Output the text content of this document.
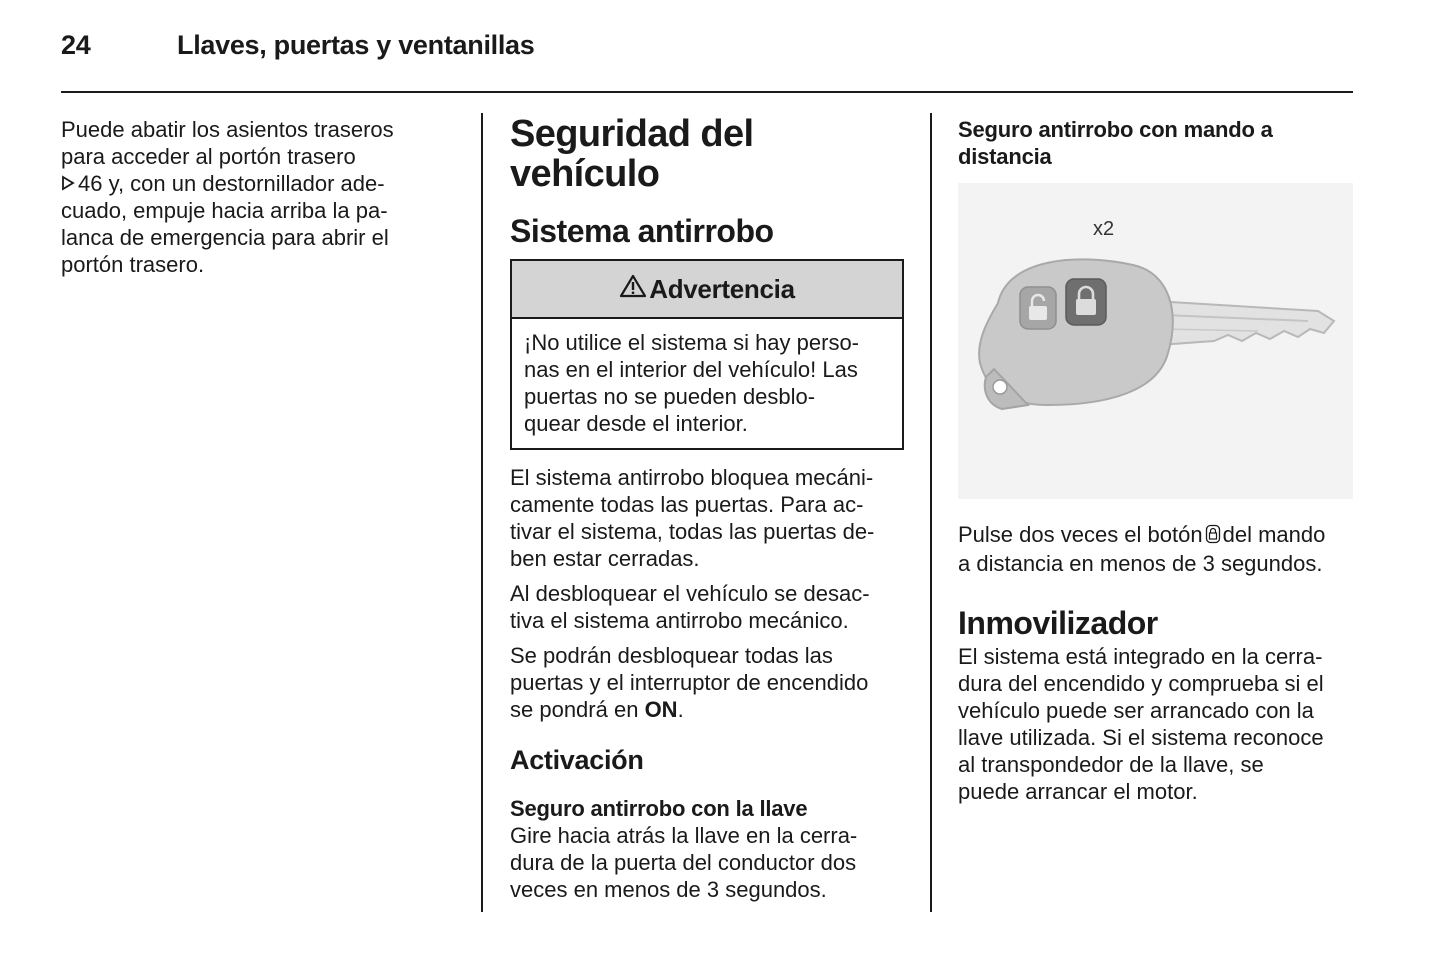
24	Llaves, puertas y ventanillas
Puede abatir los asientos traseros
para acceder al portón trasero
46 y, con un destornillador ade-
cuado, empuje hacia arriba la pa-
lanca de emergencia para abrir el
portón trasero.
Seguridad del vehículo
Sistema antirrobo
Advertencia
¡No utilice el sistema si hay perso-
nas en el interior del vehículo! Las
puertas no se pueden desblo-
quear desde el interior.
El sistema antirrobo bloquea mecáni-
camente todas las puertas. Para ac-
tivar el sistema, todas las puertas de-
ben estar cerradas.
Al desbloquear el vehículo se desac-
tiva el sistema antirrobo mecánico.
Se podrán desbloquear todas las
puertas y el interruptor de encendido
se pondrá en ON.
Activación
Seguro antirrobo con la llave
Gire hacia atrás la llave en la cerra-
dura de la puerta del conductor dos
veces en menos de 3 segundos.
Seguro antirrobo con mando a
distancia
x2
Pulse dos veces el botón del mando
a distancia en menos de 3 segundos.
Inmovilizador
El sistema está integrado en la cerra-
dura del encendido y comprueba si el
vehículo puede ser arrancado con la
llave utilizada. Si el sistema reconoce
al transpondedor de la llave, se
puede arrancar el motor.
